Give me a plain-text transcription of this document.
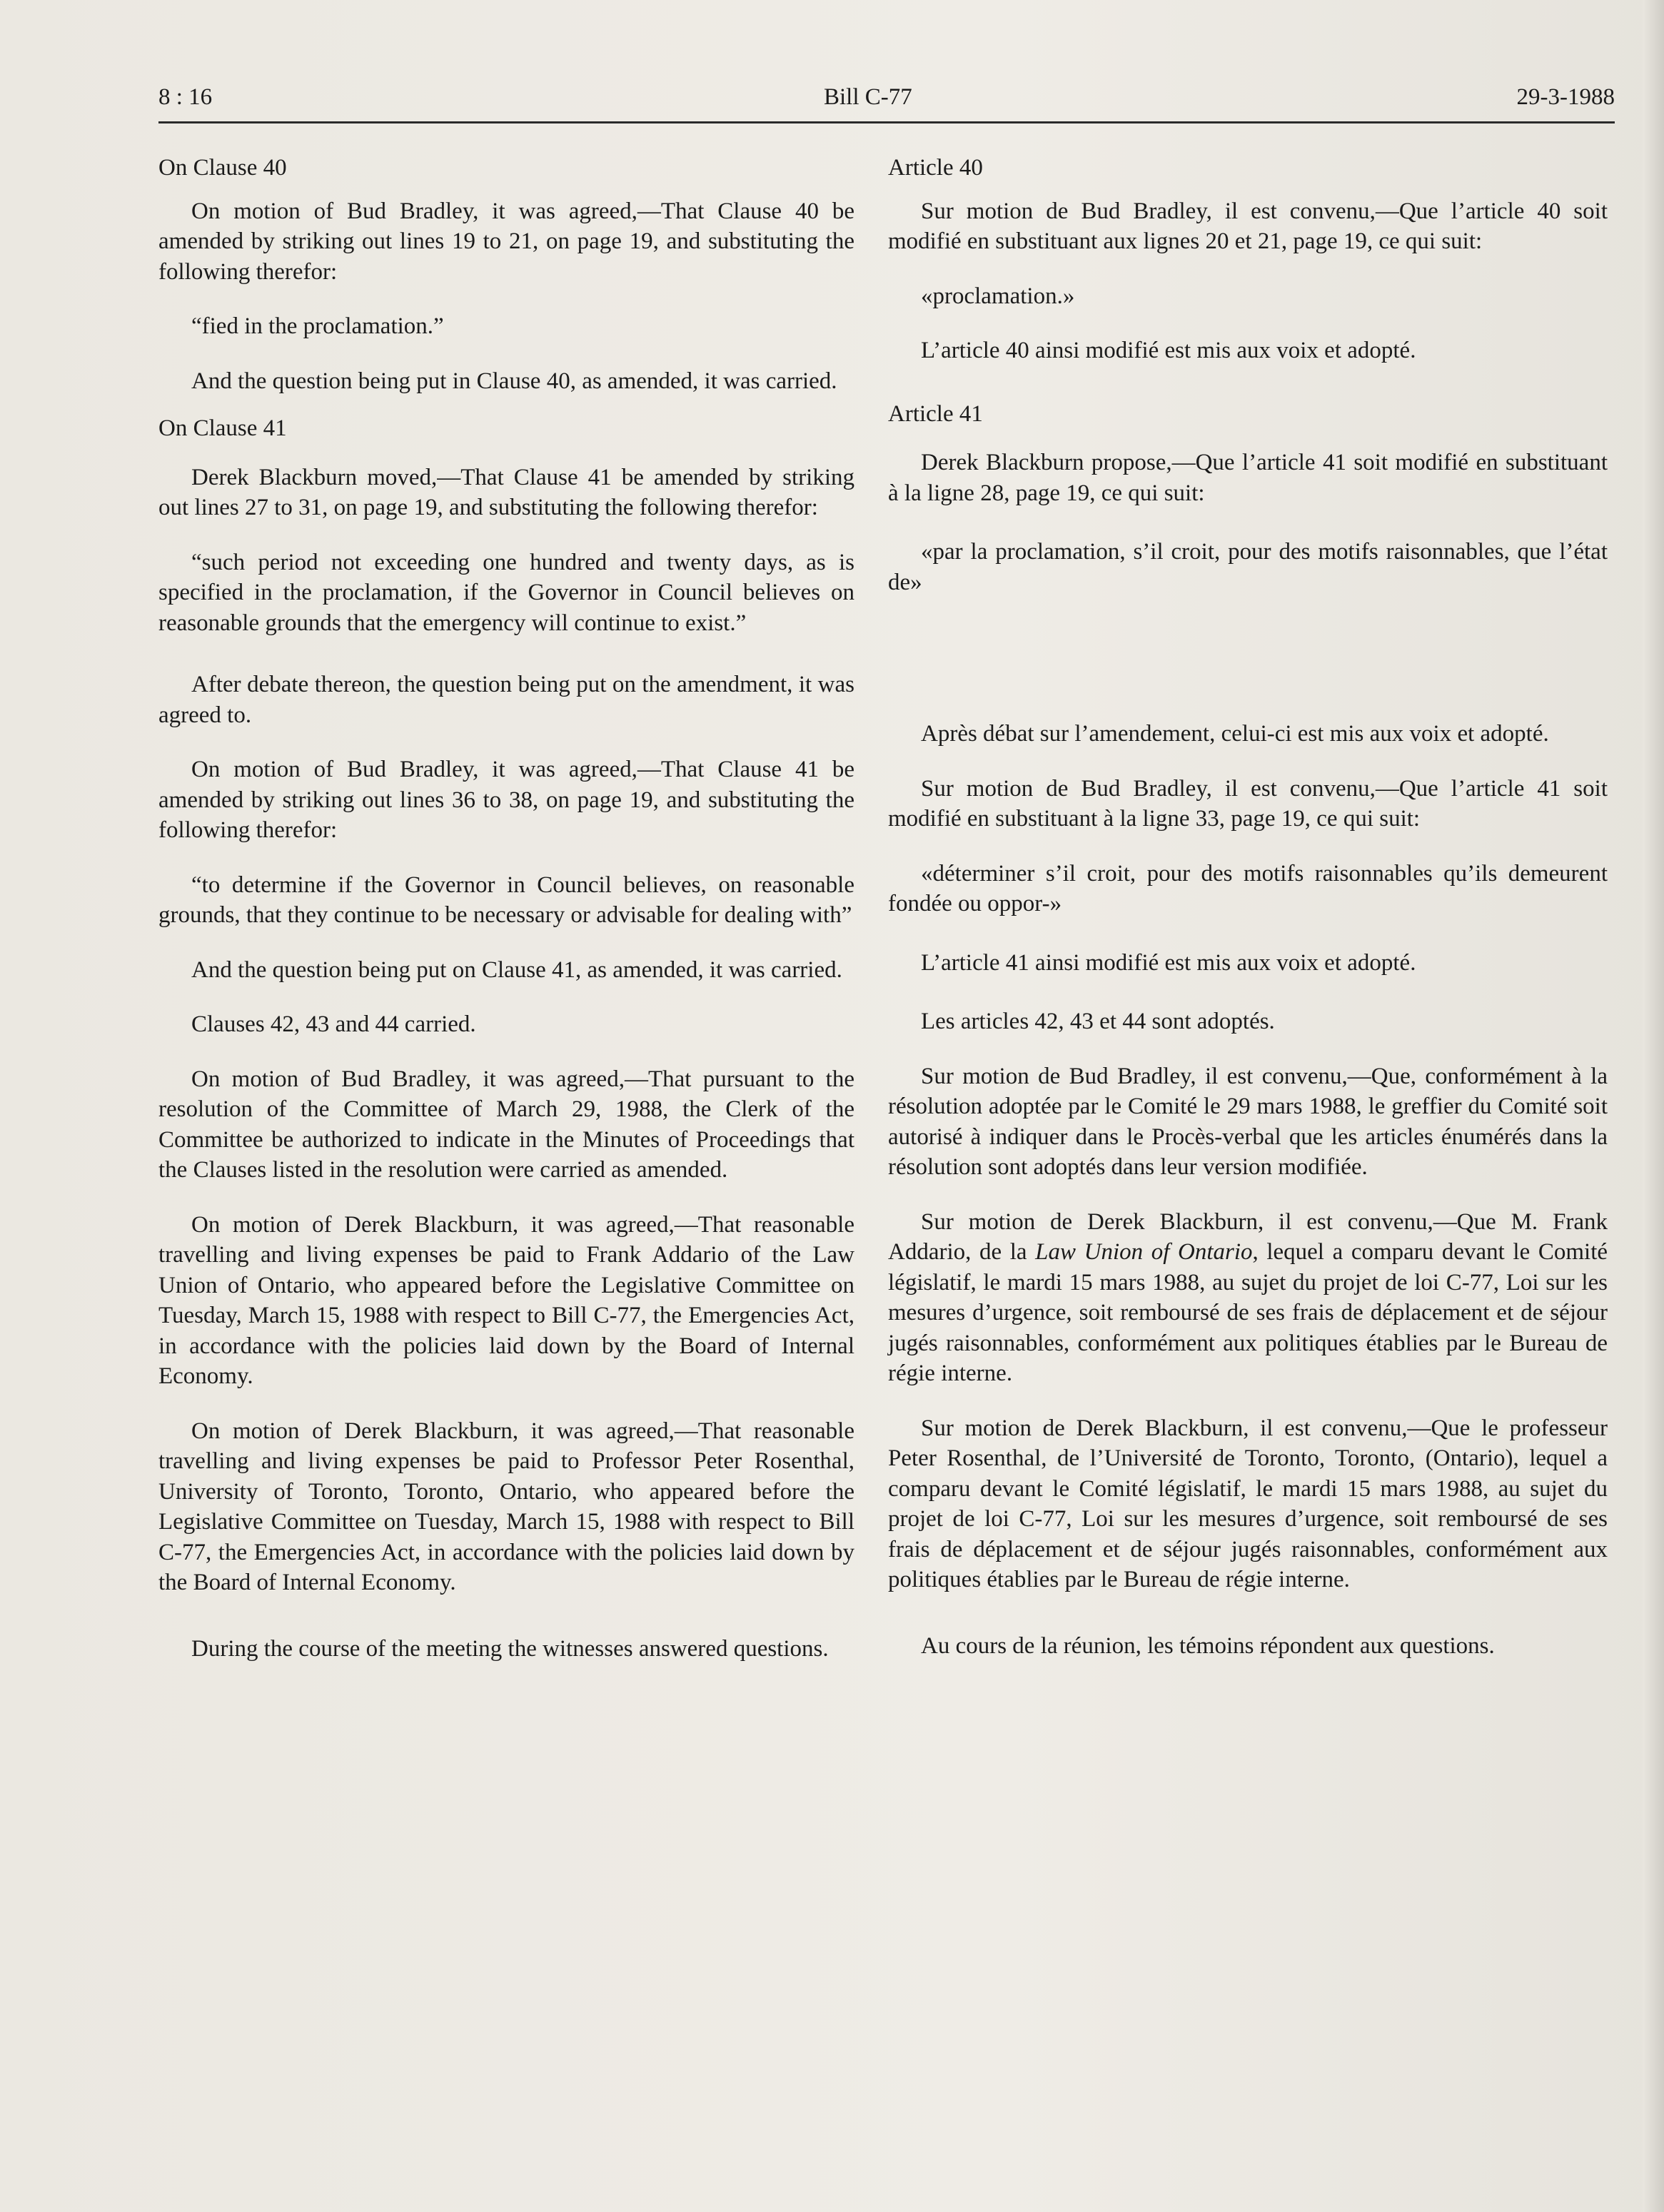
8 : 16	Bill C-77	29-3-1988

On Clause 40

On motion of Bud Bradley, it was agreed,—That Clause 40 be amended by striking out lines 19 to 21, on page 19, and substituting the following therefor:

“fied in the proclamation.”

And the question being put in Clause 40, as amended, it was carried.

On Clause 41

Derek Blackburn moved,—That Clause 41 be amended by striking out lines 27 to 31, on page 19, and substituting the following therefor:

“such period not exceeding one hundred and twenty days, as is specified in the proclamation, if the Governor in Council believes on reasonable grounds that the emergency will continue to exist.”

After debate thereon, the question being put on the amendment, it was agreed to.

On motion of Bud Bradley, it was agreed,—That Clause 41 be amended by striking out lines 36 to 38, on page 19, and substituting the following therefor:

“to determine if the Governor in Council believes, on reasonable grounds, that they continue to be necessary or advisable for dealing with”

And the question being put on Clause 41, as amended, it was carried.

Clauses 42, 43 and 44 carried.

On motion of Bud Bradley, it was agreed,—That pursuant to the resolution of the Committee of March 29, 1988, the Clerk of the Committee be authorized to indicate in the Minutes of Proceedings that the Clauses listed in the resolution were carried as amended.

On motion of Derek Blackburn, it was agreed,—That reasonable travelling and living expenses be paid to Frank Addario of the Law Union of Ontario, who appeared before the Legislative Committee on Tuesday, March 15, 1988 with respect to Bill C-77, the Emergencies Act, in accordance with the policies laid down by the Board of Internal Economy.

On motion of Derek Blackburn, it was agreed,—That reasonable travelling and living expenses be paid to Professor Peter Rosenthal, University of Toronto, Toronto, Ontario, who appeared before the Legislative Committee on Tuesday, March 15, 1988 with respect to Bill C-77, the Emergencies Act, in accordance with the policies laid down by the Board of Internal Economy.

During the course of the meeting the witnesses answered questions.

Article 40

Sur motion de Bud Bradley, il est convenu,—Que l’article 40 soit modifié en substituant aux lignes 20 et 21, page 19, ce qui suit:

«proclamation.»

L’article 40 ainsi modifié est mis aux voix et adopté.

Article 41

Derek Blackburn propose,—Que l’article 41 soit modifié en substituant à la ligne 28, page 19, ce qui suit:

«par la proclamation, s’il croit, pour des motifs raisonnables, que l’état de»

Après débat sur l’amendement, celui-ci est mis aux voix et adopté.

Sur motion de Bud Bradley, il est convenu,—Que l’article 41 soit modifié en substituant à la ligne 33, page 19, ce qui suit:

«déterminer s’il croit, pour des motifs raisonnables qu’ils demeurent fondée ou oppor-»

L’article 41 ainsi modifié est mis aux voix et adopté.

Les articles 42, 43 et 44 sont adoptés.

Sur motion de Bud Bradley, il est convenu,—Que, conformément à la résolution adoptée par le Comité le 29 mars 1988, le greffier du Comité soit autorisé à indiquer dans le Procès-verbal que les articles énumérés dans la résolution sont adoptés dans leur version modifiée.

Sur motion de Derek Blackburn, il est convenu,—Que M. Frank Addario, de la Law Union of Ontario, lequel a comparu devant le Comité législatif, le mardi 15 mars 1988, au sujet du projet de loi C-77, Loi sur les mesures d’urgence, soit remboursé de ses frais de déplacement et de séjour jugés raisonnables, conformément aux politiques établies par le Bureau de régie interne.

Sur motion de Derek Blackburn, il est convenu,—Que le professeur Peter Rosenthal, de l’Université de Toronto, Toronto, (Ontario), lequel a comparu devant le Comité législatif, le mardi 15 mars 1988, au sujet du projet de loi C-77, Loi sur les mesures d’urgence, soit remboursé de ses frais de déplacement et de séjour jugés raisonnables, conformément aux politiques établies par le Bureau de régie interne.

Au cours de la réunion, les témoins répondent aux questions.
